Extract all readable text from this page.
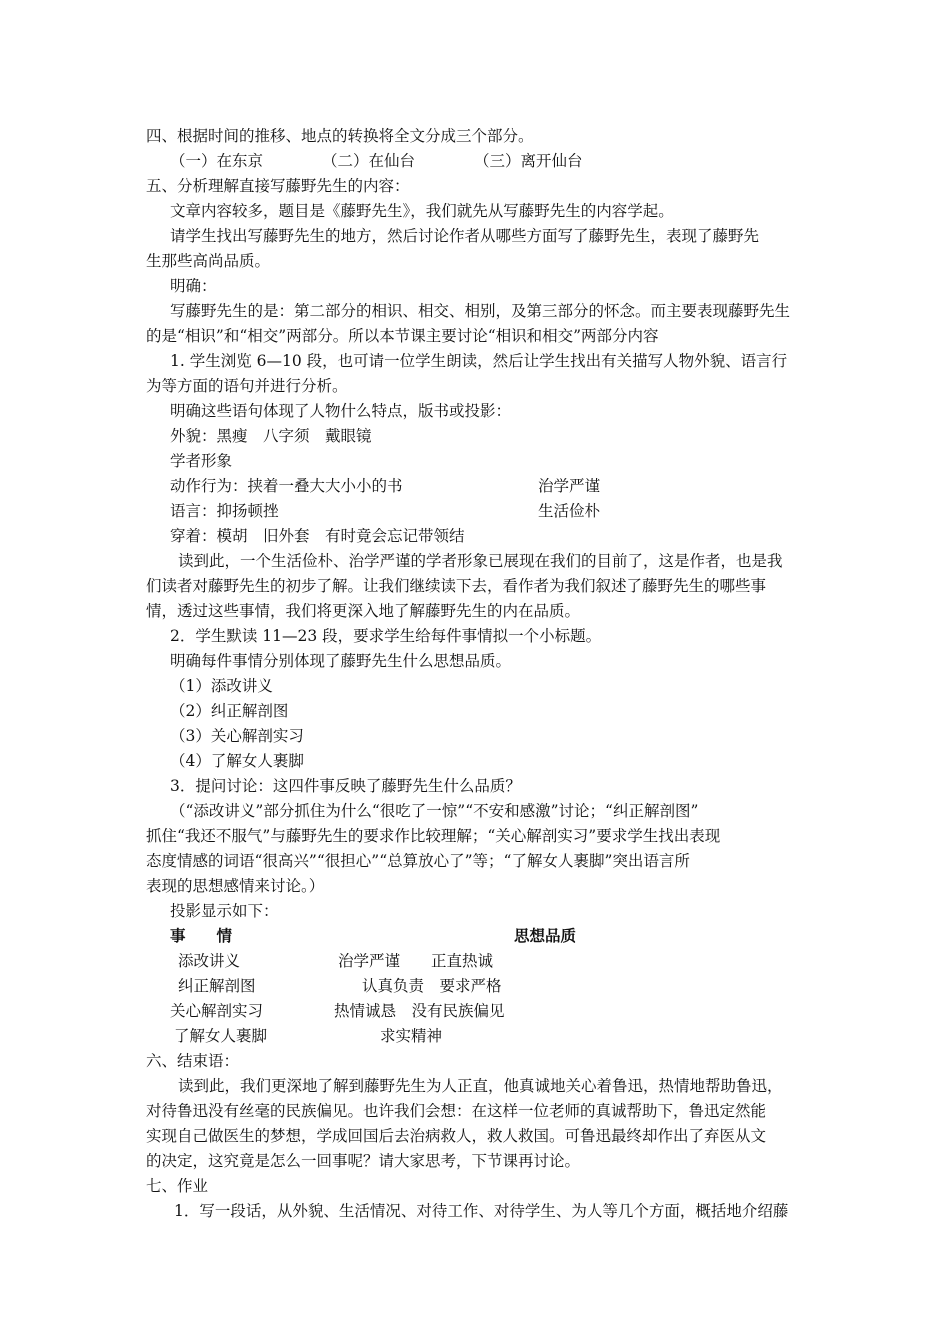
四、根据时间的推移、地点的转换将全文分成三个部分。
（一）在东京	（二）在仙台	（三）离开仙台
五、分析理解直接写藤野先生的内容：
文章内容较多，题目是《藤野先生》，我们就先从写藤野先生的内容学起。
请学生找出写藤野先生的地方，然后讨论作者从哪些方面写了藤野先生，表现了藤野先
生那些高尚品质。
明确：
写藤野先生的是：第二部分的相识、相交、相别，及第三部分的怀念。而主要表现藤野先生
的是“相识”和“相交”两部分。所以本节课主要讨论“相识和相交”两部分内容
1. 学生浏览 6—10 段，也可请一位学生朗读，然后让学生找出有关描写人物外貌、语言行
为等方面的语句并进行分析。
明确这些语句体现了人物什么特点，版书或投影：
外貌：黑瘦　八字须　戴眼镜
学者形象
动作行为：挟着一叠大大小小的书	治学严谨
语言：抑扬顿挫	生活俭朴
穿着：模胡　旧外套　有时竟会忘记带领结
读到此，一个生活俭朴、治学严谨的学者形象已展现在我们的目前了，这是作者，也是我
们读者对藤野先生的初步了解。让我们继续读下去，看作者为我们叙述了藤野先生的哪些事
情，透过这些事情，我们将更深入地了解藤野先生的内在品质。
2．学生默读 11—23 段，要求学生给每件事情拟一个小标题。
明确每件事情分别体现了藤野先生什么思想品质。
（1）添改讲义
（2）纠正解剖图
（3）关心解剖实习
（4）了解女人裹脚
3．提问讨论：这四件事反映了藤野先生什么品质？
（“添改讲义”部分抓住为什么“很吃了一惊”“不安和感激”讨论；“纠正解剖图”
抓住“我还不服气”与藤野先生的要求作比较理解；“关心解剖实习”要求学生找出表现
态度情感的词语“很高兴”“很担心”“总算放心了”等；“了解女人裹脚”突出语言所
表现的思想感情来讨论。）
投影显示如下：
事　　情	思想品质
添改讲义	治学严谨　　正直热诚
纠正解剖图	认真负责　要求严格
关心解剖实习	热情诚恳　没有民族偏见
了解女人裹脚	求实精神
六、结束语：
读到此，我们更深地了解到藤野先生为人正直，他真诚地关心着鲁迅，热情地帮助鲁迅，
对待鲁迅没有丝毫的民族偏见。也许我们会想：在这样一位老师的真诚帮助下，鲁迅定然能
实现自己做医生的梦想，学成回国后去治病救人，救人救国。可鲁迅最终却作出了弃医从文
的决定，这究竟是怎么一回事呢？请大家思考，下节课再讨论。
七、作业
1．写一段话，从外貌、生活情况、对待工作、对待学生、为人等几个方面，概括地介绍藤
